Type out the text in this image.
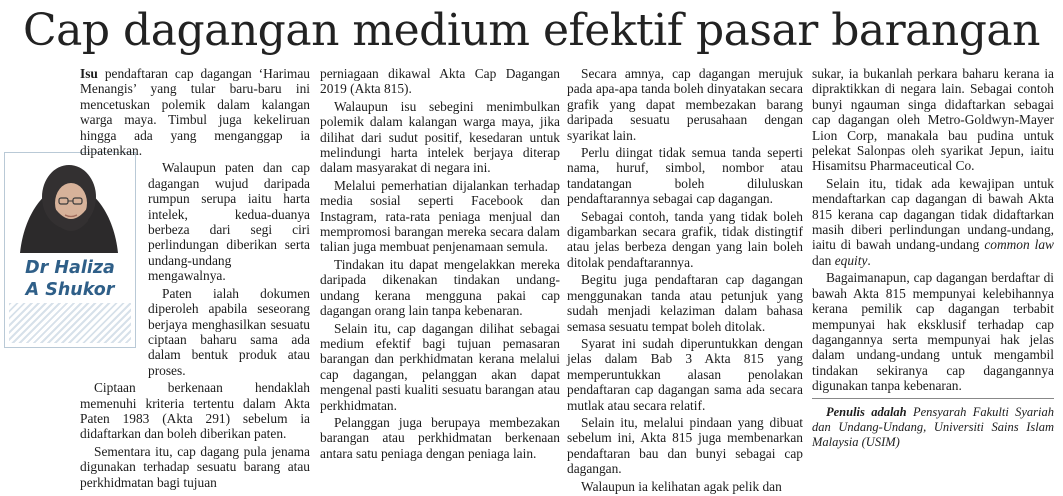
Cap dagangan medium efektif pasar barangan
Dr Haliza
A Shukor

Isu pendaftaran cap dagangan ‘Harimau Menangis’ yang tular baru-baru ini mencetuskan polemik dalam kalangan warga maya. Timbul juga kekeliruan hingga ada yang menganggap ia dipatenkan.

Walaupun paten dan cap dagangan wujud daripada rumpun serupa iaitu harta intelek, kedua-duanya berbeza dari segi ciri perlindungan diberikan serta undang-undang mengawalnya.

Paten ialah dokumen diperoleh apabila seseorang berjaya menghasilkan sesuatu ciptaan baharu sama ada dalam bentuk produk atau proses.

Ciptaan berkenaan hendaklah memenuhi kriteria tertentu dalam Akta Paten 1983 (Akta 291) sebelum ia didaftarkan dan boleh diberikan paten.

Sementara itu, cap dagang pula jenama digunakan terhadap sesuatu barang atau perkhidmatan bagi tujuan

perniagaan dikawal Akta Cap Dagangan 2019 (Akta 815).

Walaupun isu sebegini menimbulkan polemik dalam kalangan warga maya, jika dilihat dari sudut positif, kesedaran untuk melindungi harta intelek berjaya diterap dalam masyarakat di negara ini.

Melalui pemerhatian dijalankan terhadap media sosial seperti Facebook dan Instagram, rata-rata peniaga menjual dan mempromosi barangan mereka secara dalam talian juga membuat penjenamaan semula.

Tindakan itu dapat mengelakkan mereka daripada dikenakan tindakan undang-undang kerana mengguna pakai cap dagangan orang lain tanpa kebenaran.

Selain itu, cap dagangan dilihat sebagai medium efektif bagi tujuan pemasaran barangan dan perkhidmatan kerana melalui cap dagangan, pelanggan akan dapat mengenal pasti kualiti sesuatu barangan atau perkhidmatan.

Pelanggan juga berupaya membezakan barangan atau perkhidmatan berkenaan antara satu peniaga dengan peniaga lain.

Secara amnya, cap dagangan merujuk pada apa-apa tanda boleh dinyatakan secara grafik yang dapat membezakan barang daripada sesuatu perusahaan dengan syarikat lain.

Perlu diingat tidak semua tanda seperti nama, huruf, simbol, nombor atau tandatangan boleh diluluskan pendaftarannya sebagai cap dagangan.

Sebagai contoh, tanda yang tidak boleh digambarkan secara grafik, tidak distingtif atau jelas berbeza dengan yang lain boleh ditolak pendaftarannya.

Begitu juga pendaftaran cap dagangan menggunakan tanda atau petunjuk yang sudah menjadi kelaziman dalam bahasa semasa sesuatu tempat boleh ditolak.

Syarat ini sudah diperuntukkan dengan jelas dalam Bab 3 Akta 815 yang memperuntukkan alasan penolakan pendaftaran cap dagangan sama ada secara mutlak atau secara relatif.

Selain itu, melalui pindaan yang dibuat sebelum ini, Akta 815 juga membenarkan pendaftaran bau dan bunyi sebagai cap dagangan.

Walaupun ia kelihatan agak pelik dan

sukar, ia bukanlah perkara baharu kerana ia dipraktikkan di negara lain. Sebagai contoh bunyi ngauman singa didaftarkan sebagai cap dagangan oleh Metro-Goldwyn-Mayer Lion Corp, manakala bau pudina untuk pelekat Salonpas oleh syarikat Jepun, iaitu Hisamitsu Pharmaceutical Co.

Selain itu, tidak ada kewajipan untuk mendaftarkan cap dagangan di bawah Akta 815 kerana cap dagangan tidak didaftarkan masih diberi perlindungan undang-undang, iaitu di bawah undang-undang common law dan equity.

Bagaimanapun, cap dagangan berdaftar di bawah Akta 815 mempunyai kelebihannya kerana pemilik cap dagangan terbabit mempunyai hak eksklusif terhadap cap dagangannya serta mempunyai hak jelas dalam undang-undang untuk mengambil tindakan sekiranya cap dagangannya digunakan tanpa kebenaran.

Penulis adalah Pensyarah Fakulti Syariah dan Undang-Undang, Universiti Sains Islam Malaysia (USIM)
